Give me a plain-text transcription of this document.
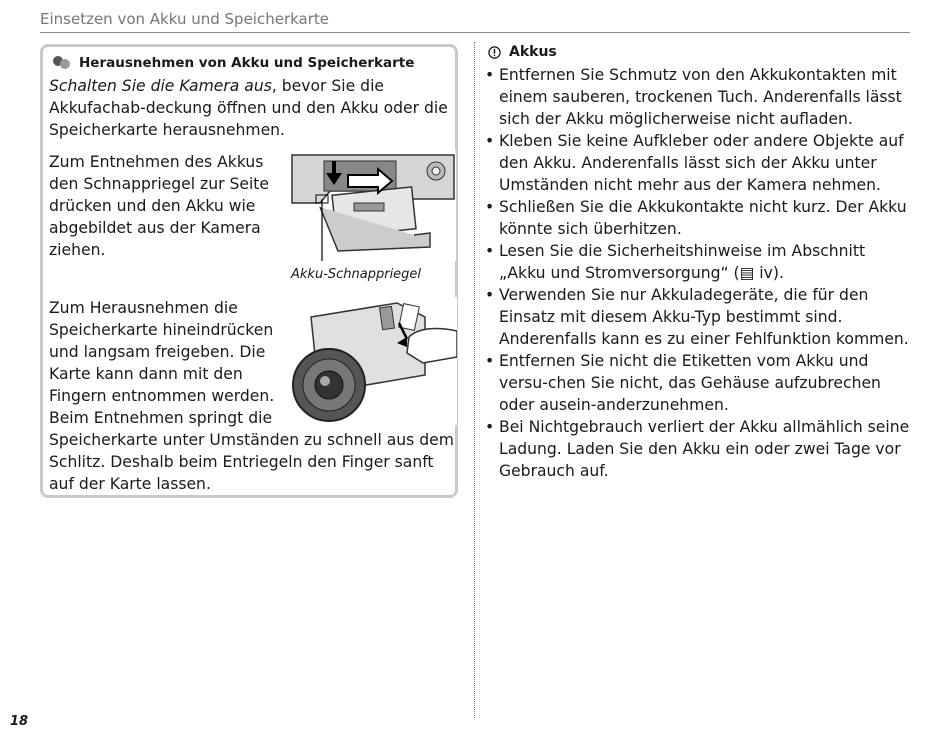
Einsetzen von Akku und Speicherkarte
Herausnehmen von Akku und Speicherkarte
Schalten Sie die Kamera aus, bevor Sie die Akkufachab-deckung öffnen und den Akku oder die Speicherkarte herausnehmen.
Zum Entnehmen des Akkus den Schnappriegel zur Seite drücken und den Akku wie abgebildet aus der Kamera ziehen.
Akku-Schnappriegel
Zum Herausnehmen die Speicherkarte hineindrücken und langsam freigeben. Die Karte kann dann mit den Fingern entnommen werden. Beim Entnehmen springt die
Speicherkarte unter Umständen zu schnell aus dem Schlitz. Deshalb beim Entriegeln den Finger sanft auf der Karte lassen.
Akkus
• Entfernen Sie Schmutz von den Akkukontakten mit einem sauberen, trockenen Tuch. Anderenfalls lässt sich der Akku möglicherweise nicht aufladen.
• Kleben Sie keine Aufkleber oder andere Objekte auf den Akku. Anderenfalls lässt sich der Akku unter Umständen nicht mehr aus der Kamera nehmen.
• Schließen Sie die Akkukontakte nicht kurz. Der Akku könnte sich überhitzen.
• Lesen Sie die Sicherheitshinweise im Abschnitt „Akku und Stromversorgung“ (▤ iv).
• Verwenden Sie nur Akkuladegeräte, die für den Einsatz mit diesem Akku-Typ bestimmt sind. Anderenfalls kann es zu einer Fehlfunktion kommen.
• Entfernen Sie nicht die Etiketten vom Akku und versu-chen Sie nicht, das Gehäuse aufzubrechen oder ausein-anderzunehmen.
• Bei Nichtgebrauch verliert der Akku allmählich seine Ladung. Laden Sie den Akku ein oder zwei Tage vor Gebrauch auf.
18
